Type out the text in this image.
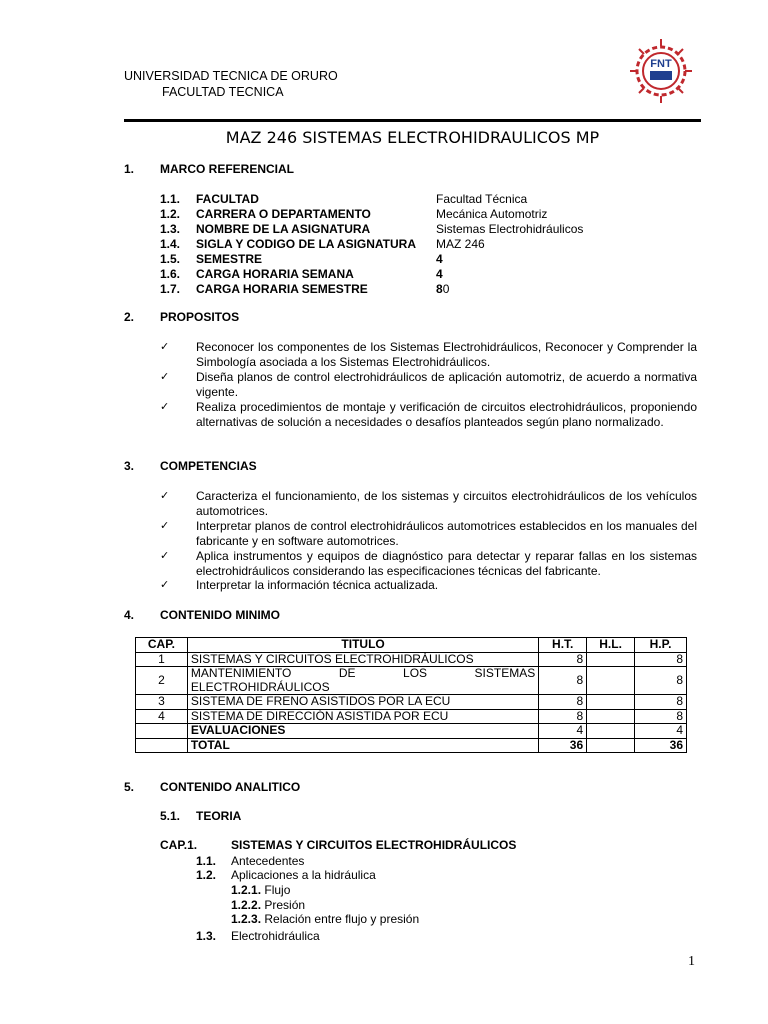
UNIVERSIDAD TECNICA DE ORURO
FACULTAD TECNICA
FNT
MAZ 246 SISTEMAS ELECTROHIDRAULICOS MP
1. MARCO REFERENCIAL
1.1. FACULTAD	Facultad Técnica
1.2. CARRERA O DEPARTAMENTO	Mecánica Automotriz
1.3. NOMBRE DE LA ASIGNATURA	Sistemas Electrohidráulicos
1.4. SIGLA Y CODIGO DE LA ASIGNATURA MAZ 246
1.5. SEMESTRE	4
1.6. CARGA HORARIA SEMANA	4
1.7. CARGA HORARIA SEMESTRE	80
2. PROPOSITOS
✓ Reconocer los componentes de los Sistemas Electrohidráulicos, Reconocer y Comprender la Simbología asociada a los Sistemas Electrohidráulicos.
✓ Diseña planos de control electrohidráulicos de aplicación automotriz, de acuerdo a normativa vigente.
✓ Realiza procedimientos de montaje y verificación de circuitos electrohidráulicos, proponiendo alternativas de solución a necesidades o desafíos planteados según plano normalizado.
3. COMPETENCIAS
✓ Caracteriza el funcionamiento, de los sistemas y circuitos electrohidráulicos de los vehículos automotrices.
✓ Interpretar planos de control electrohidráulicos automotrices establecidos en los manuales del fabricante y en software automotrices.
✓ Aplica instrumentos y equipos de diagnóstico para detectar y reparar fallas en los sistemas electrohidráulicos considerando las especificaciones técnicas del fabricante.
✓ Interpretar la información técnica actualizada.
4. CONTENIDO MINIMO
CAP.	TITULO	H.T.	H.L.	H.P.
1	SISTEMAS Y CIRCUITOS ELECTROHIDRÁULICOS	8		8
2	MANTENIMIENTO DE LOS SISTEMAS
ELECTROHIDRÁULICOS	8		8
3	SISTEMA DE FRENO ASISTIDOS POR LA ECU	8		8
4	SISTEMA DE DIRECCIÓN ASISTIDA POR ECU	8		8
	EVALUACIONES	4		4
	TOTAL	36		36
5. CONTENIDO ANALITICO
5.1. TEORIA
CAP.1.	SISTEMAS Y CIRCUITOS ELECTROHIDRÁULICOS
1.1. Antecedentes
1.2. Aplicaciones a la hidráulica
1.2.1. Flujo
1.2.2. Presión
1.2.3. Relación entre flujo y presión
1.3. Electrohidráulica
1
